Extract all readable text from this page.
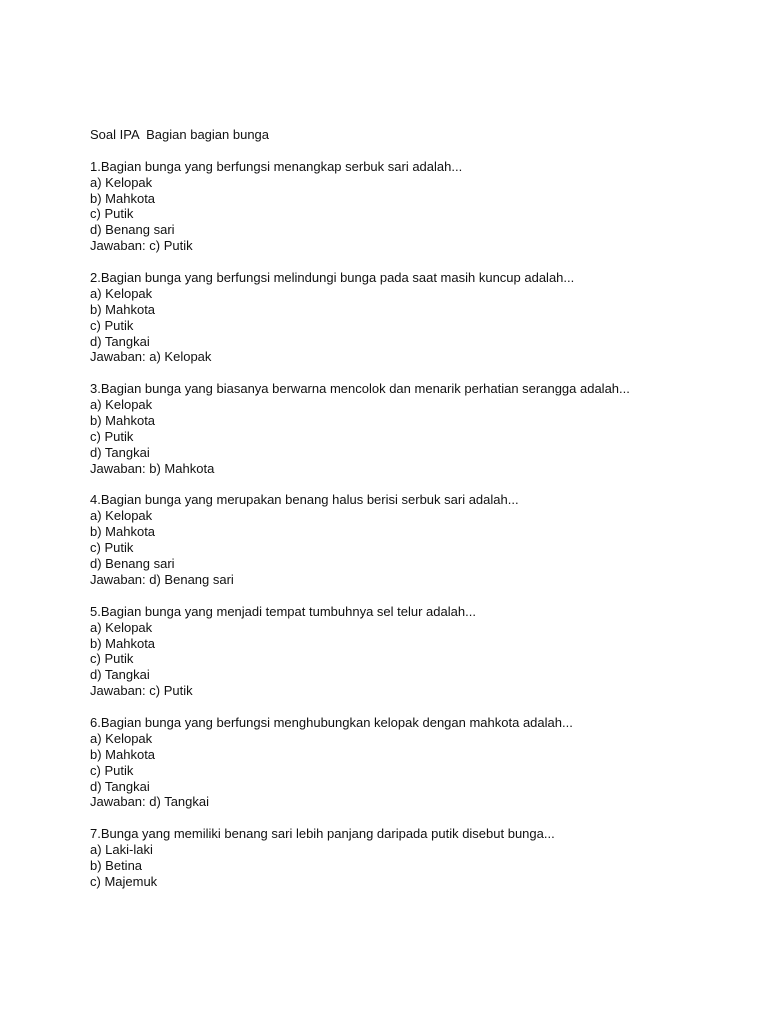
Soal IPA  Bagian bagian bunga
1.Bagian bunga yang berfungsi menangkap serbuk sari adalah...
a) Kelopak
b) Mahkota
c) Putik
d) Benang sari
Jawaban: c) Putik
2.Bagian bunga yang berfungsi melindungi bunga pada saat masih kuncup adalah...
a) Kelopak
b) Mahkota
c) Putik
d) Tangkai
Jawaban: a) Kelopak
3.Bagian bunga yang biasanya berwarna mencolok dan menarik perhatian serangga adalah...
a) Kelopak
b) Mahkota
c) Putik
d) Tangkai
Jawaban: b) Mahkota
4.Bagian bunga yang merupakan benang halus berisi serbuk sari adalah...
a) Kelopak
b) Mahkota
c) Putik
d) Benang sari
Jawaban: d) Benang sari
5.Bagian bunga yang menjadi tempat tumbuhnya sel telur adalah...
a) Kelopak
b) Mahkota
c) Putik
d) Tangkai
Jawaban: c) Putik
6.Bagian bunga yang berfungsi menghubungkan kelopak dengan mahkota adalah...
a) Kelopak
b) Mahkota
c) Putik
d) Tangkai
Jawaban: d) Tangkai
7.Bunga yang memiliki benang sari lebih panjang daripada putik disebut bunga...
a) Laki-laki
b) Betina
c) Majemuk
